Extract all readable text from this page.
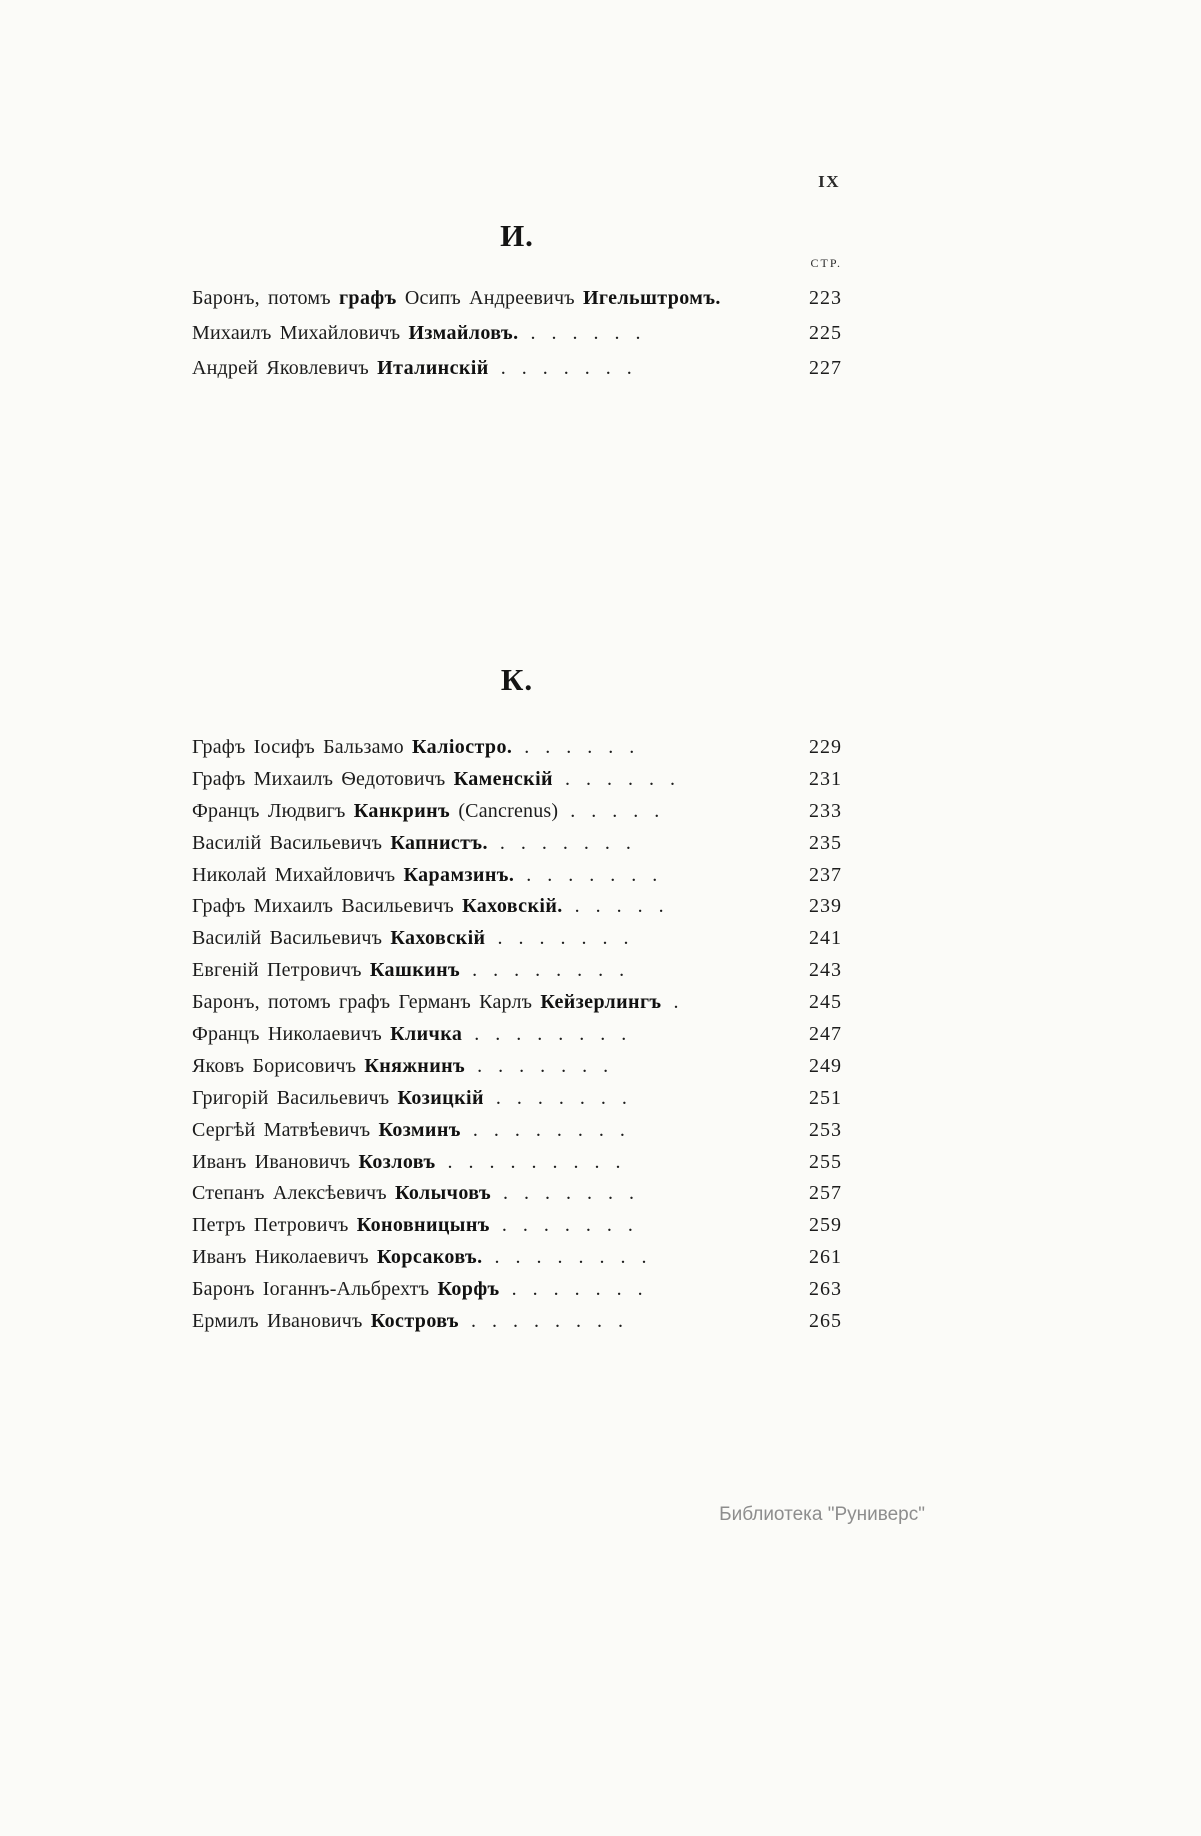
IX
И.
СТР.
Баронъ, потомъ графъ Осипъ Андреевичъ Игельштромъ.	223
Михаилъ Михайловичъ Измайловъ. . . . . . .	225
Андрей Яковлевичъ Италинскій . . . . . . .	227
К.
Графъ Іосифъ Бальзамо Каліостро. . . . . . .	229
Графъ Михаилъ Ѳедотовичъ Каменскій . . . . . .	231
Францъ Людвигъ Канкринъ (Cancrenus) . . . . .	233
Василій Васильевичъ Капнистъ. . . . . . . .	235
Николай Михайловичъ Карамзинъ. . . . . . . .	237
Графъ Михаилъ Васильевичъ Каховскій. . . . . .	239
Василій Васильевичъ Каховскій . . . . . . .	241
Евгеній Петровичъ Кашкинъ . . . . . . . .	243
Баронъ, потомъ графъ Германъ Карлъ Кейзерлингъ .	245
Францъ Николаевичъ Кличка . . . . . . . .	247
Яковъ Борисовичъ Княжнинъ . . . . . . .	249
Григорій Васильевичъ Козицкій . . . . . . .	251
Сергѣй Матвѣевичъ Козминъ . . . . . . . .	253
Иванъ Ивановичъ Козловъ . . . . . . . . .	255
Степанъ Алексѣевичъ Колычовъ . . . . . . .	257
Петръ Петровичъ Коновницынъ . . . . . . .	259
Иванъ Николаевичъ Корсаковъ. . . . . . . . .	261
Баронъ Іоганнъ-Альбрехтъ Корфъ . . . . . . .	263
Ермилъ Ивановичъ Костровъ . . . . . . . .	265
Библиотека "Руниверс"
